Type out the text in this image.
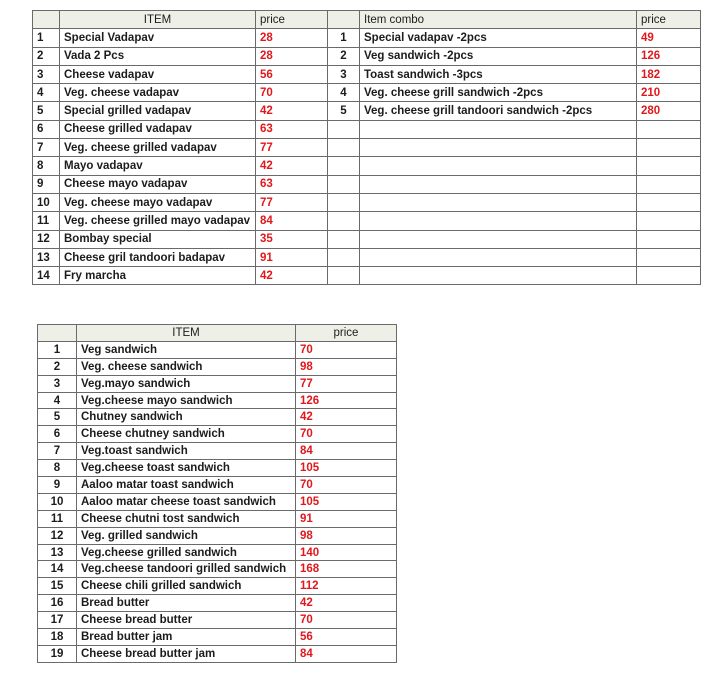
	ITEM	price		Item combo	price
1	Special Vadapav	28	1	Special vadapav -2pcs	49
2	Vada 2 Pcs	28	2	Veg sandwich -2pcs	126
3	Cheese vadapav	56	3	Toast sandwich -3pcs	182
4	Veg. cheese vadapav	70	4	Veg. cheese grill sandwich -2pcs	210
5	Special grilled vadapav	42	5	Veg. cheese grill tandoori sandwich -2pcs	280
6	Cheese grilled vadapav	63			
7	Veg. cheese grilled vadapav	77			
8	Mayo vadapav	42			
9	Cheese mayo vadapav	63			
10	Veg. cheese mayo vadapav	77			
11	Veg. cheese grilled mayo vadapav	84			
12	Bombay special	35			
13	Cheese gril tandoori badapav	91			
14	Fry marcha	42			
	ITEM	price
1	Veg sandwich	70
2	Veg. cheese sandwich	98
3	Veg.mayo sandwich	77
4	Veg.cheese mayo sandwich	126
5	Chutney sandwich	42
6	Cheese chutney sandwich	70
7	Veg.toast sandwich	84
8	Veg.cheese toast sandwich	105
9	Aaloo matar toast sandwich	70
10	Aaloo matar cheese toast sandwich	105
11	Cheese chutni tost sandwich	91
12	Veg. grilled sandwich	98
13	Veg.cheese grilled sandwich	140
14	Veg.cheese tandoori grilled sandwich	168
15	Cheese chili grilled sandwich	112
16	Bread butter	42
17	Cheese bread butter	70
18	Bread butter jam	56
19	Cheese bread butter jam	84
